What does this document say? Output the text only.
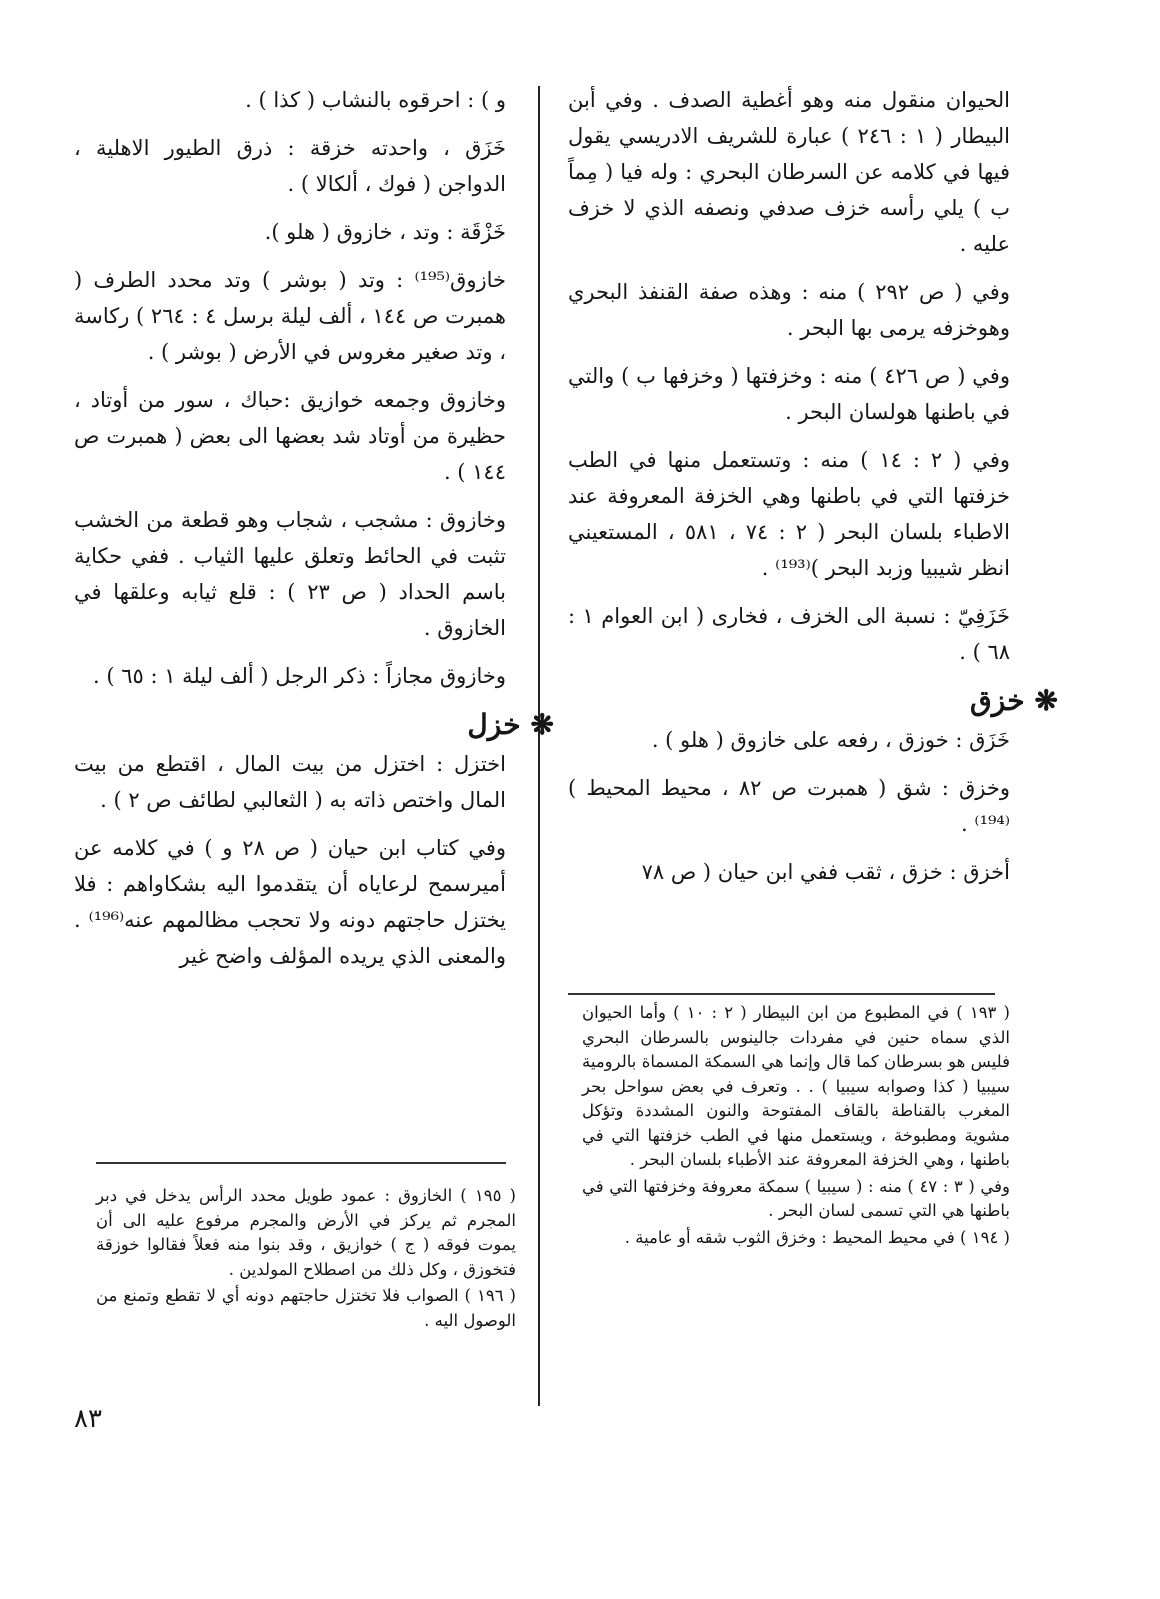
الحيوان منقول منه وهو أغطية الصدف . وفي أبن البيطار ( ١ : ٢٤٦ ) عبارة للشريف الادريسي يقول فيها في كلامه عن السرطان البحري : وله فيا ( مِماً ب ) يلي رأسه خزف صدفي ونصفه الذي لا خزف عليه .

وفي ( ص ٢٩٢ ) منه : وهذه صفة القنفذ البحري وهوخزفه يرمى بها البحر .

وفي ( ص ٤٢٦ ) منه : وخزفتها ( وخزفها ب ) والتي في باطنها هولسان البحر .

وفي ( ٢ : ١٤ ) منه : وتستعمل منها في الطب خزفتها التي في باطنها وهي الخزفة المعروفة عند الاطباء بلسان البحر ( ٢ : ٧٤ ، ٥٨١ ، المستعيني انظر شيبيا وزبد البحر )⁽¹⁹³⁾ .

خَزَفِيّ : نسبة الى الخزف ، فخارى ( ابن العوام ١ : ٦٨ ) .

❋
خزق

خَزَق : خوزق ، رفعه على خازوق ( هلو ) .

وخزق : شق ( همبرت ص ٨٢ ، محيط المحيط )⁽¹⁹⁴⁾ .

أخزق : خزق ، ثقب ففي ابن حيان ( ص ٧٨

( ١٩٣ ) في المطبوع من ابن البيطار ( ٢ : ١٠ ) وأما الحيوان الذي سماه حنين في مفردات جالينوس بالسرطان البحري فليس هو بسرطان كما قال وإنما هي السمكة المسماة بالرومية سيبيا ( كذا وصوابه سيبيا ) . . وتعرف في بعض سواحل بحر المغرب بالقناطة بالقاف المفتوحة والنون المشددة وتؤكل مشوية ومطبوخة ، ويستعمل منها في الطب خزفتها التي في باطنها ، وهي الخزفة المعروفة عند الأطباء بلسان البحر .

وفي ( ٣ : ٤٧ ) منه : ( سيبيا ) سمكة معروفة وخزفتها التي في باطنها هي التي تسمى لسان البحر .

( ١٩٤ ) في محيط المحيط : وخزق الثوب شقه أو عامية .

و ) : احرقوه بالنشاب ( كذا ) .

خَزَق ، واحدته خزقة : ذرق الطيور الاهلية ، الدواجن ( فوك ، ألكالا ) .

خَزْقَة : وتد ، خازوق ( هلو ).

خازوق⁽¹⁹⁵⁾ : وتد ( بوشر ) وتد محدد الطرف ( همبرت ص ١٤٤ ، ألف ليلة برسل ٤ : ٢٦٤ ) ركاسة ، وتد صغير مغروس في الأرض ( بوشر ) .

وخازوق وجمعه خوازيق :حباك ، سور من أوتاد ، حظيرة من أوتاد شد بعضها الى بعض ( همبرت ص ١٤٤ ) .

وخازوق : مشجب ، شجاب وهو قطعة من الخشب تثبت في الحائط وتعلق عليها الثياب . ففي حكاية باسم الحداد ( ص ٢٣ ) : قلع ثيابه وعلقها في الخازوق .

وخازوق مجازاً : ذكر الرجل ( ألف ليلة ١ : ٦٥ ) .

❋
خزل

اختزل : اختزل من بيت المال ، اقتطع من بيت المال واختص ذاته به ( الثعالبي لطائف ص ٢ ) .

وفي كتاب ابن حيان ( ص ٢٨ و ) في كلامه عن أميرسمح لرعاياه أن يتقدموا اليه بشكاواهم : فلا يختزل حاجتهم دونه ولا تحجب مظالمهم عنه⁽¹⁹⁶⁾ . والمعنى الذي يريده المؤلف واضح غير

( ١٩٥ ) الخازوق : عمود طويل محدد الرأس يدخل في دبر المجرم ثم يركز في الأرض والمجرم مرفوع عليه الى أن يموت فوقه ( ج ) خوازيق ، وقد بنوا منه فعلاً فقالوا خوزقة فتخوزق ، وكل ذلك من اصطلاح المولدين .

( ١٩٦ ) الصواب فلا تختزل حاجتهم دونه أي لا تقطع وتمنع من الوصول اليه .

٨٣
